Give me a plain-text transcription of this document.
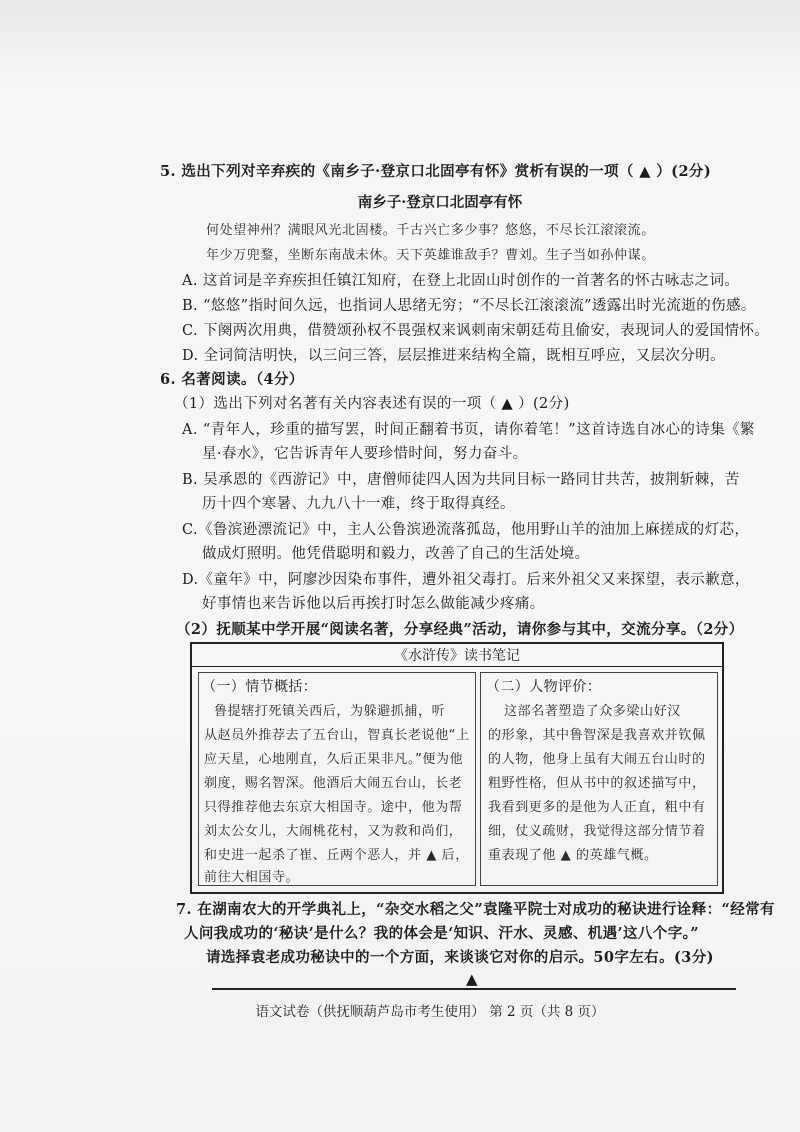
5. 选出下列对辛弃疾的《南乡子·登京口北固亭有怀》赏析有误的一项（ ▲ ）(2分)
南乡子·登京口北固亭有怀
何处望神州？满眼风光北固楼。千古兴亡多少事？悠悠，不尽长江滚滚流。
年少万兜鍪，坐断东南战未休。天下英雄谁敌手？曹刘。生子当如孙仲谋。
A. 这首词是辛弃疾担任镇江知府，在登上北固山时创作的一首著名的怀古咏志之词。
B. “悠悠”指时间久远，也指词人思绪无穷；“不尽长江滚滚流”透露出时光流逝的伤感。
C. 下阕两次用典，借赞颂孙权不畏强权来讽刺南宋朝廷苟且偷安，表现词人的爱国情怀。
D. 全词简洁明快，以三问三答，层层推进来结构全篇，既相互呼应，又层次分明。
6. 名著阅读。（4分）
（1）选出下列对名著有关内容表述有误的一项（ ▲ ）(2分)
A. “青年人，珍重的描写罢，时间正翻着书页，请你着笔！”这首诗选自冰心的诗集《繁
星·春水》，它告诉青年人要珍惜时间，努力奋斗。
B. 吴承恩的《西游记》中，唐僧师徒四人因为共同目标一路同甘共苦，披荆斩棘，苦
历十四个寒暑、九九八十一难，终于取得真经。
C.《鲁滨逊漂流记》中，主人公鲁滨逊流落孤岛，他用野山羊的油加上麻搓成的灯芯，
做成灯照明。他凭借聪明和毅力，改善了自己的生活处境。
D.《童年》中，阿廖沙因染布事件，遭外祖父毒打。后来外祖父又来探望，表示歉意，
好事情也来告诉他以后再挨打时怎么做能减少疼痛。
（2）抚顺某中学开展“阅读名著，分享经典”活动，请你参与其中，交流分享。（2分）
《水浒传》读书笔记
（一）情节概括：
鲁提辖打死镇关西后，为躲避抓捕，听
从赵员外推荐去了五台山，智真长老说他“上
应天星，心地刚直，久后正果非凡。”便为他
剃度，赐名智深。他酒后大闹五台山，长老
只得推荐他去东京大相国寺。途中，他为帮
刘太公女儿，大闹桃花村，又为救和尚们，
和史进一起杀了崔、丘两个恶人，并 ▲ 后，
前往大相国寺。
（二）人物评价：
这部名著塑造了众多梁山好汉
的形象，其中鲁智深是我喜欢并钦佩
的人物，他身上虽有大闹五台山时的
粗野性格，但从书中的叙述描写中，
我看到更多的是他为人正直，粗中有
细，仗义疏财，我觉得这部分情节着
重表现了他 ▲ 的英雄气概。
7. 在湖南农大的开学典礼上，“杂交水稻之父”袁隆平院士对成功的秘诀进行诠释：“经常有
人问我成功的‘秘诀’是什么？我的体会是‘知识、汗水、灵感、机遇’这八个字。”
请选择袁老成功秘诀中的一个方面，来谈谈它对你的启示。50字左右。(3分)
▲
语文试卷（供抚顺葫芦岛市考生使用） 第 2 页（共 8 页）
